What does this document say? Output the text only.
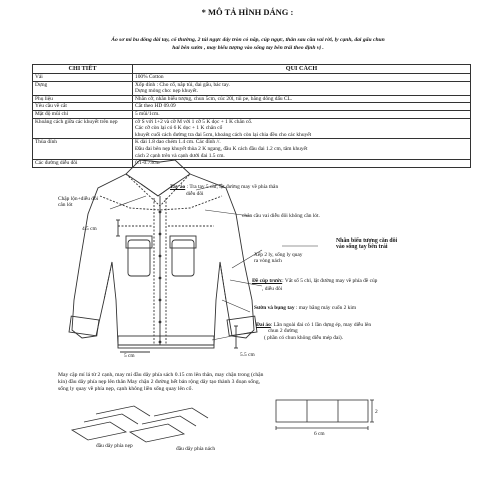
* MÔ TẢ HÌNH DÁNG :
Áo sơ mi bu dông dài tay, cổ thường, 2 túi ngực đáy tròn có nắp, cúp ngực, thân sau cầu vai rời, ly cạnh, đai gấu chun
hai bên sườn , may biểu tượng vào sống tay bên trái theo định vị .
CHI TIẾT	QUI CÁCH
Vải	100% Cotton

Dựng	Xốp dính : Cho cổ, nắp túi, đai gấu, bác tay.
Dựng mỏng cho: nẹp khuyết.

Phụ liệu	Nhãn cỡ, nhãn biểu tượng, chun 5cm, cúc 20l, túi pe, băng dông dấu CL.

Yêu cầu về cắt	Cắt theo HD 09.09

Mật độ mũi chỉ	5 mũi/1cm.

Khoảng cách giữa các khuyết trên nẹp	cỡ S với 1+2 và cỡ M với 1 cỡ 5 K dọc + 1 K chân cổ.
Các cỡ còn lại có 6 K dọc + 1 K chân cổ
khuyết cuối cách đường tra đai 5cm, khoảng cách còn lại chia đều cho các khuyết

Thùa đính	K dài 1.8 dao chém 1.4 cm. Các đính //.
Đầu đai bên nẹp khuyết thùa 2 K ngang, đầu K cách đầu đai 1.2 cm, tâm khuyết
cách 2 cạnh trên và cạnh dưới đai 1.5 cm.

Các đường diễu đôi	0.1-0.73cm
Chặp lộn+diễu đôi
cân lót
Tay áo : Tra tay 5 chỉ, lật đường may về phía thân
diễu đôi
chân cầu vai diễu đôi không cần lót.
4.5 cm
Nhãn biểu tượng căn đôi
vào sống tay bên trái
Xếp 2 ly, sống ly quay
ra vòng nách
Đề cúp trước: Vắt sổ 5 chỉ, lật đường may về phía đề cúp
, diễu đôi
Sườn và bụng tay : may bằng máy cuốn 2 kim
Đai áo: Lần ngoài đai có 1 lần dựng ép, may diễu lên
chun 2 đường
( phần có chun không diễu mép đai).
5 cm	5.5 cm
May cặp mí lá từ 2 cạnh, may mí đầu dây phía sách 0.15 cm lên thân, may chặn trong (chặn
kín) đầu dây phía nẹp lên thân May chặn 2 đường hết bản rộng dây tạo thành 3 đoạn sống,
sống ly quay về phía nẹp, cạnh không liền sống quay lên cổ.
đầu dây phía nẹp	đầu dây phía nách
2
6 cm
